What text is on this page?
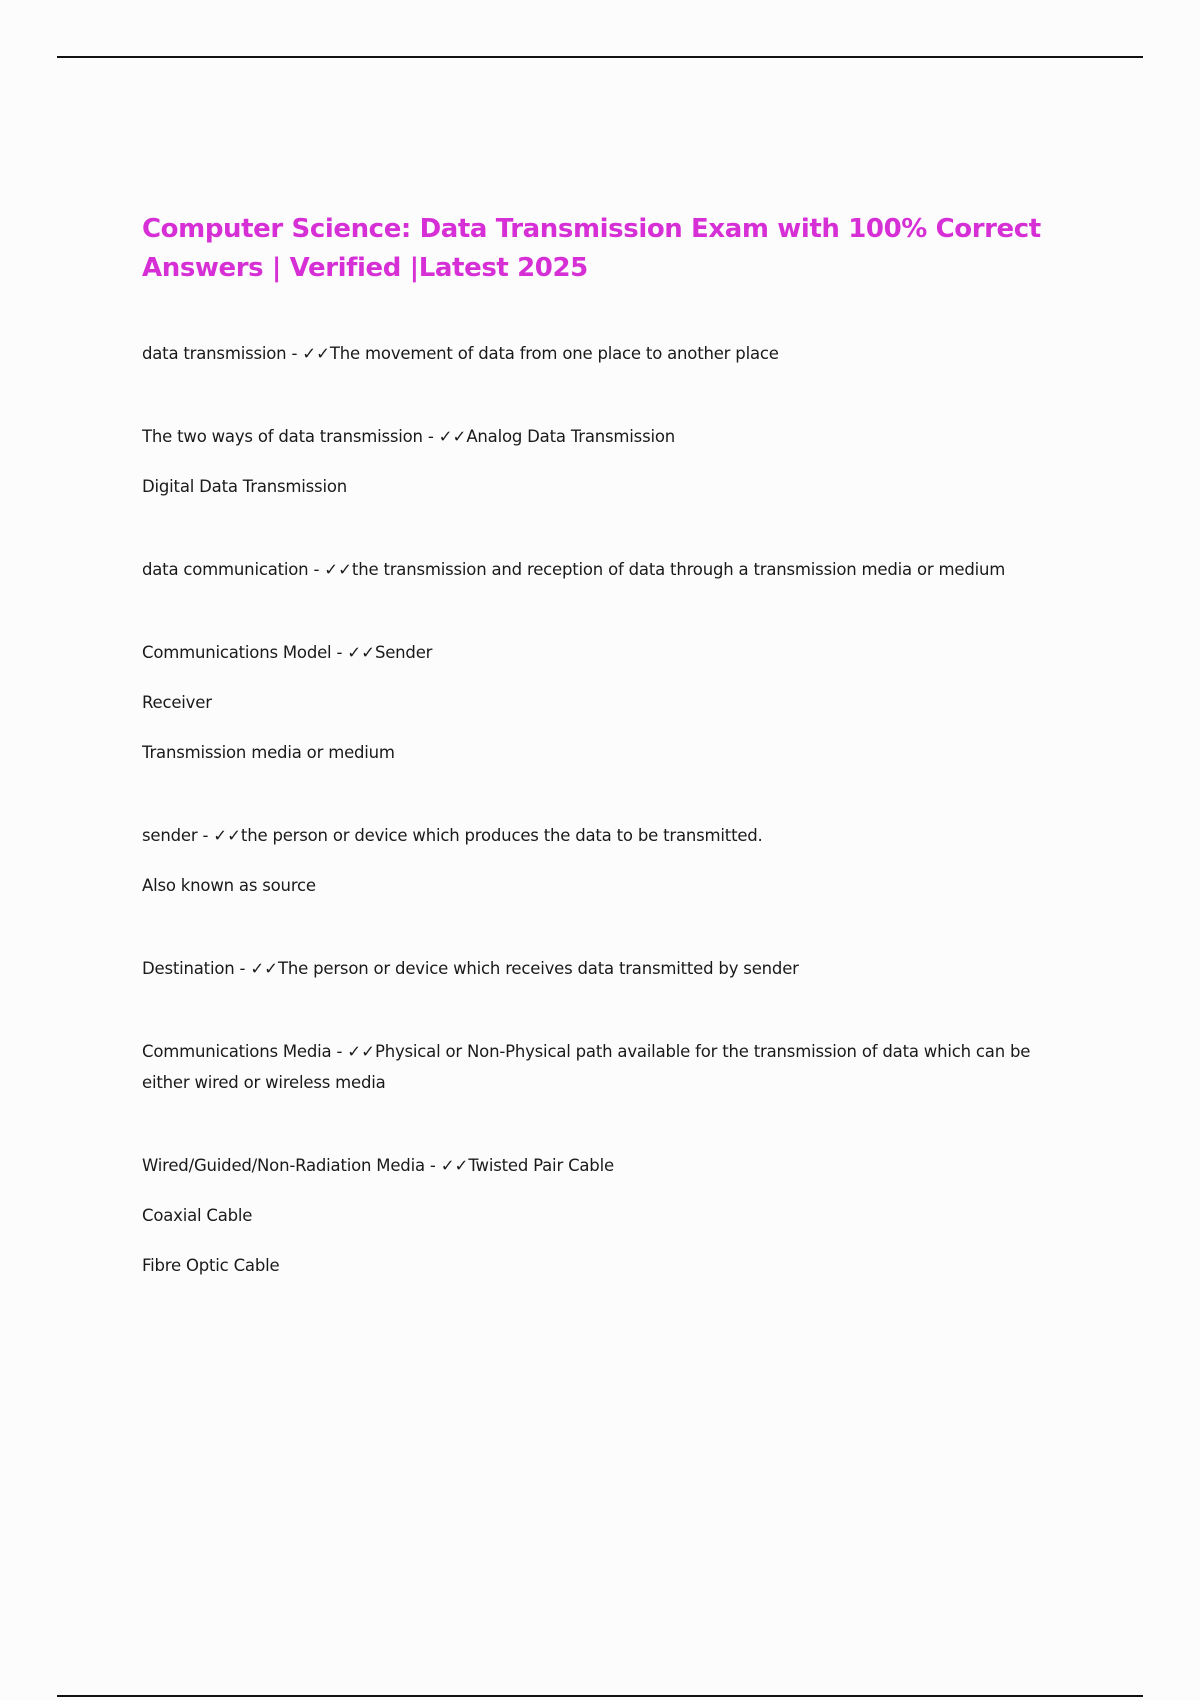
Computer Science: Data Transmission Exam with 100% Correct
Answers | Verified |Latest 2025

data transmission - ✓✓The movement of data from one place to another place

The two ways of data transmission - ✓✓Analog Data Transmission

Digital Data Transmission

data communication - ✓✓the transmission and reception of data through a transmission media or medium

Communications Model - ✓✓Sender

Receiver

Transmission media or medium

sender - ✓✓the person or device which produces the data to be transmitted.

Also known as source

Destination - ✓✓The person or device which receives data transmitted by sender

Communications Media - ✓✓Physical or Non-Physical path available for the transmission of data which can be either wired or wireless media

Wired/Guided/Non-Radiation Media - ✓✓Twisted Pair Cable

Coaxial Cable

Fibre Optic Cable
